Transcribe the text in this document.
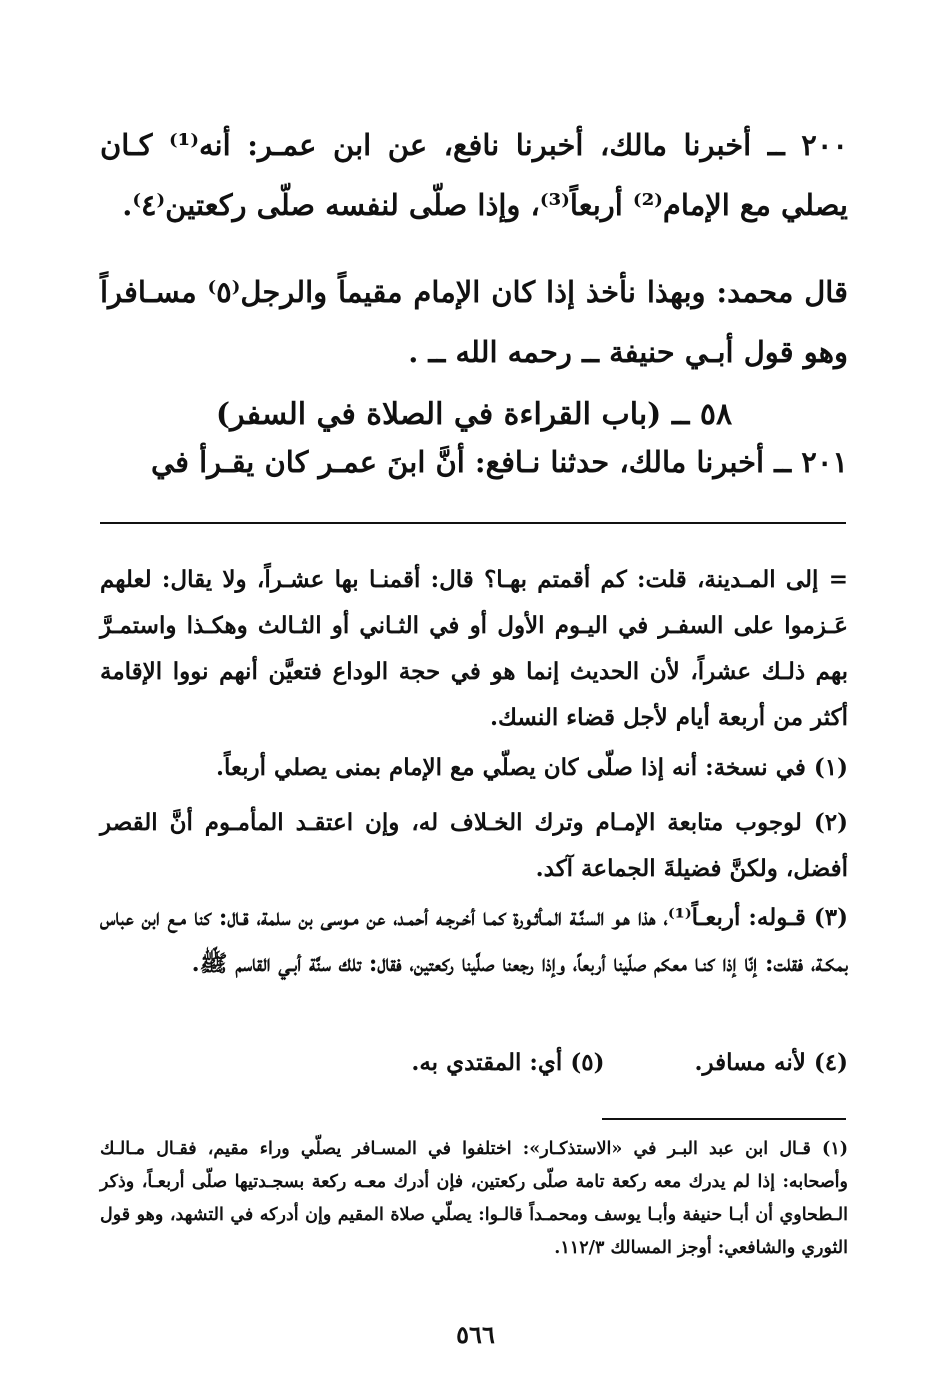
٢٠٠ ــ أخبرنا مالك، أخبرنا نافع، عن ابن عمـر: أنه⁽¹⁾ كـان يصلي مع الإمام⁽²⁾ أربعاً⁽³⁾، وإذا صلّى لنفسه صلّى ركعتين⁽٤⁾.
قال محمد: وبهذا نأخذ إذا كان الإمام مقيماً والرجل⁽٥⁾ مسـافراً وهو قول أبـي حنيفة ــ رحمه الله ــ .
٥٨ ــ (باب القراءة في الصلاة في السفر)
٢٠١ ــ أخبرنا مالك، حدثنا نـافع: أنَّ ابنَ عمـر كان يقـرأ في
= إلى المـدينة، قلت: كم أقمتم بهـا؟ قال: أقمنـا بها عشـراً، ولا يقال: لعلهم عَـزموا على السفـر في اليـوم الأول أو في الثـاني أو الثـالث وهكـذا واستمـرَّ بهم ذلـك عشراً، لأن الحديث إنما هو في حجة الوداع فتعيَّن أنهم نووا الإقامة أكثر من أربعة أيام لأجل قضاء النسك.
(١) في نسخة: أنه إذا صلّى كان يصلّي مع الإمام بمنى يصلي أربعاً.
(٢) لوجوب متابعة الإمـام وترك الخـلاف له، وإن اعتقـد المأمـوم أنَّ القصر أفضل، ولكنَّ فضيلةَ الجماعة آكد.
(٣) قـوله: أربعـاً⁽¹⁾، هذا هـو السنَّـة المـأثـورة كمـا أخـرجـه أحمـد، عن مـوسى بن سلمة، قـال: كنا مـع ابن عباس بمكـة، فقلت: إنّا إذا كنـا معكم صلّينا أربعاً، وإذا رجعنا صلَّينا ركعتين، فقال: تلك سنَّة أبـي القاسم ﷺ.
(٤) لأنه مسافر.
(٥) أي: المقتدي به.
(١) قـال ابن عبد البـر في «الاستذكـار»: اختلفوا في المسـافر يصلّي وراء مقيم، فقـال مـالـك وأصحابه: إذا لم يدرك معه ركعة تامة صلّى ركعتين، فإن أدرك معـه ركعة بسجـدتيها صلّى أربعـاً، وذكر الـطحاوي أن أبـا حنيفة وأبـا يوسف ومحمـداً قالـوا: يصلّي صلاة المقيم وإن أدركه في التشهد، وهو قول الثوري والشافعي: أوجز المسالك ١١٢/٣.
٥٦٦
